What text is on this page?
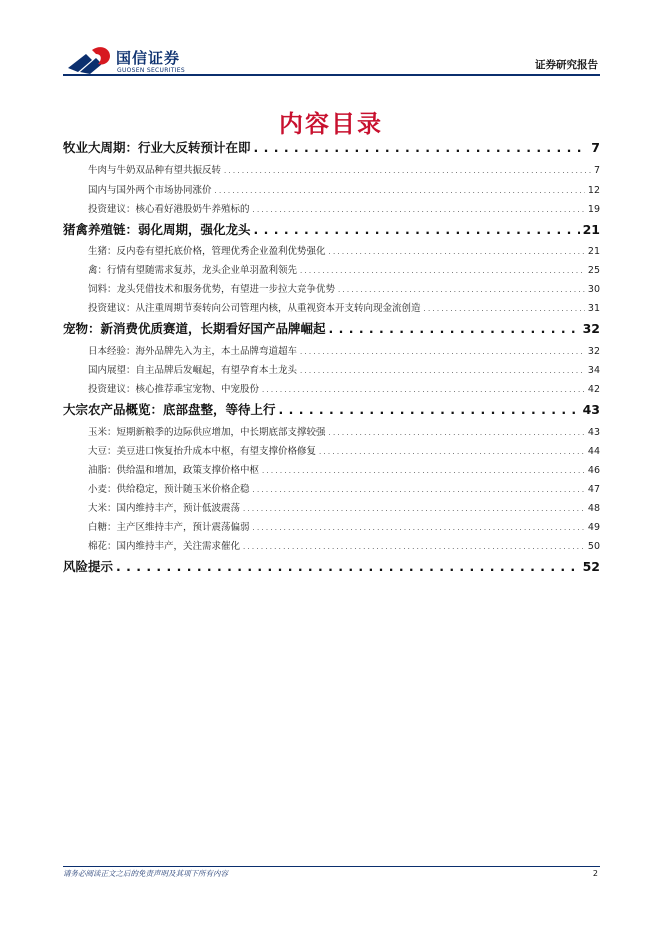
国信证券
GUOSEN SECURITIES	证券研究报告
内容目录
牧业大周期：行业大反转预计在即 . . .	7
牛肉与牛奶双品种有望共振反转 . . .	7
国内与国外两个市场协同涨价 . . .	12
投资建议：核心看好港股奶牛养殖标的 . . .	19
猪禽养殖链：弱化周期，强化龙头 . . .	21
生猪：反内卷有望托底价格，管理优秀企业盈利优势强化 . . .	21
禽：行情有望随需求复苏，龙头企业单羽盈利领先 . . .	25
饲料：龙头凭借技术和服务优势，有望进一步拉大竞争优势 . . .	30
投资建议：从注重周期节奏转向公司管理内核，从重视资本开支转向现金流创造 . . .	31
宠物：新消费优质赛道，长期看好国产品牌崛起 . . .	32
日本经验：海外品牌先入为主，本土品牌弯道超车 . . .	32
国内展望：自主品牌后发崛起，有望孕育本土龙头 . . .	34
投资建议：核心推荐乖宝宠物、中宠股份 . . .	42
大宗农产品概览：底部盘整，等待上行 . . .	43
玉米：短期新粮季的边际供应增加，中长期底部支撑较强 . . .	43
大豆：美豆进口恢复抬升成本中枢，有望支撑价格修复 . . .	44
油脂：供给温和增加，政策支撑价格中枢 . . .	46
小麦：供给稳定，预计随玉米价格企稳 . . .	47
大米：国内维持丰产，预计低波震荡 . . .	48
白糖：主产区维持丰产，预计震荡偏弱 . . .	49
棉花：国内维持丰产，关注需求催化 . . .	50
风险提示 . . .	52
请务必阅读正文之后的免责声明及其项下所有内容	2
